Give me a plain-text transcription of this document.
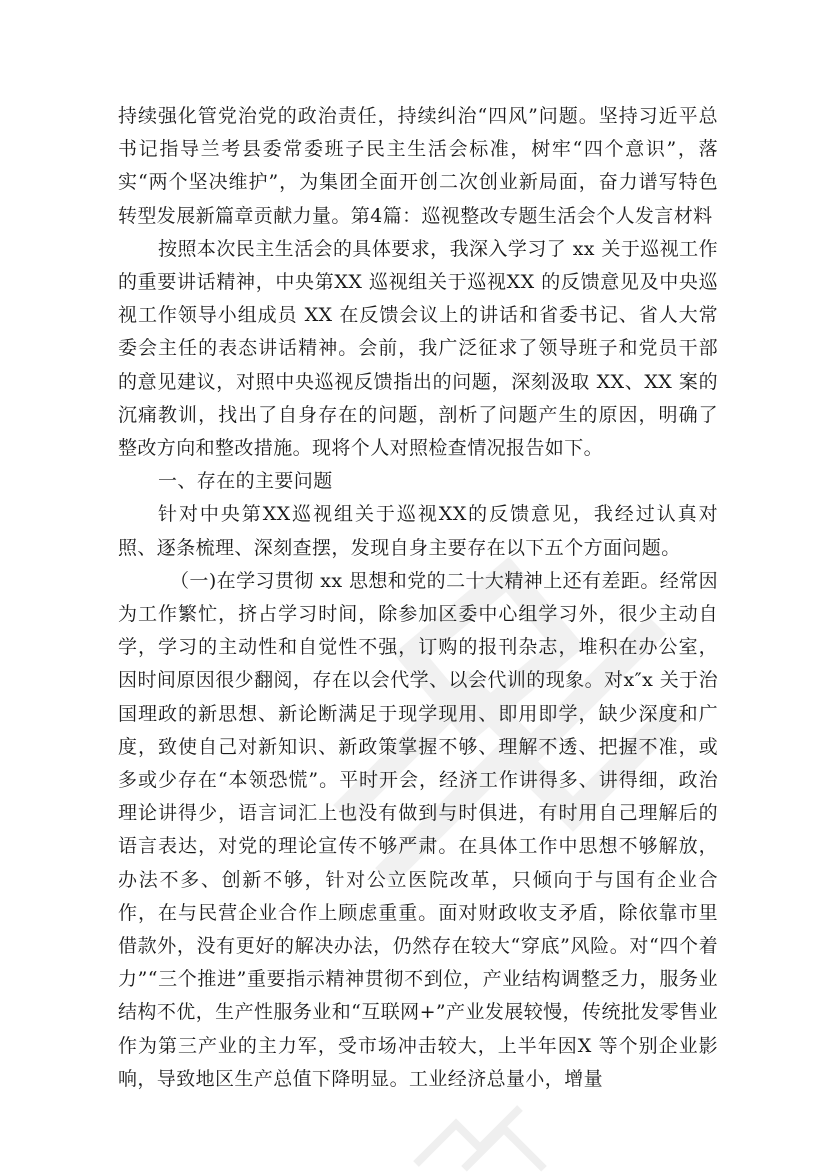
持续强化管党治党的政治责任，持续纠治“四风”问题。坚持习近平总书记指导兰考县委常委班子民主生活会标准，树牢“四个意识”，落实“两个坚决维护”，为集团全面开创二次创业新局面，奋力谱写特色转型发展新篇章贡献力量。第4篇：巡视整改专题生活会个人发言材料

按照本次民主生活会的具体要求，我深入学习了 xx 关于巡视工作的重要讲话精神，中央第XX 巡视组关于巡视XX 的反馈意见及中央巡视工作领导小组成员 XX 在反馈会议上的讲话和省委书记、省人大常委会主任的表态讲话精神。会前，我广泛征求了领导班子和党员干部的意见建议，对照中央巡视反馈指出的问题，深刻汲取 XX、XX 案的沉痛教训，找出了自身存在的问题，剖析了问题产生的原因，明确了整改方向和整改措施。现将个人对照检查情况报告如下。

一、存在的主要问题

针对中央第XX巡视组关于巡视XX的反馈意见，我经过认真对照、逐条梳理、深刻查摆，发现自身主要存在以下五个方面问题。

（一)在学习贯彻 xx 思想和党的二十大精神上还有差距。经常因为工作繁忙，挤占学习时间，除参加区委中心组学习外，很少主动自学，学习的主动性和自觉性不强，订购的报刊杂志，堆积在办公室，因时间原因很少翻阅，存在以会代学、以会代训的现象。对x″x 关于治国理政的新思想、新论断满足于现学现用、即用即学，缺少深度和广度，致使自己对新知识、新政策掌握不够、理解不透、把握不准，或多或少存在“本领恐慌”。平时开会，经济工作讲得多、讲得细，政治理论讲得少，语言词汇上也没有做到与时俱进，有时用自己理解后的语言表达，对党的理论宣传不够严肃。在具体工作中思想不够解放，办法不多、创新不够，针对公立医院改革，只倾向于与国有企业合作，在与民营企业合作上顾虑重重。面对财政收支矛盾，除依靠市里借款外，没有更好的解决办法，仍然存在较大“穿底”风险。对“四个着力”“三个推进”重要指示精神贯彻不到位，产业结构调整乏力，服务业结构不优，生产性服务业和“互联网+”产业发展较慢，传统批发零售业作为第三产业的主力军，受市场冲击较大，上半年因X 等个别企业影响，导致地区生产总值下降明显。工业经济总量小，增量
